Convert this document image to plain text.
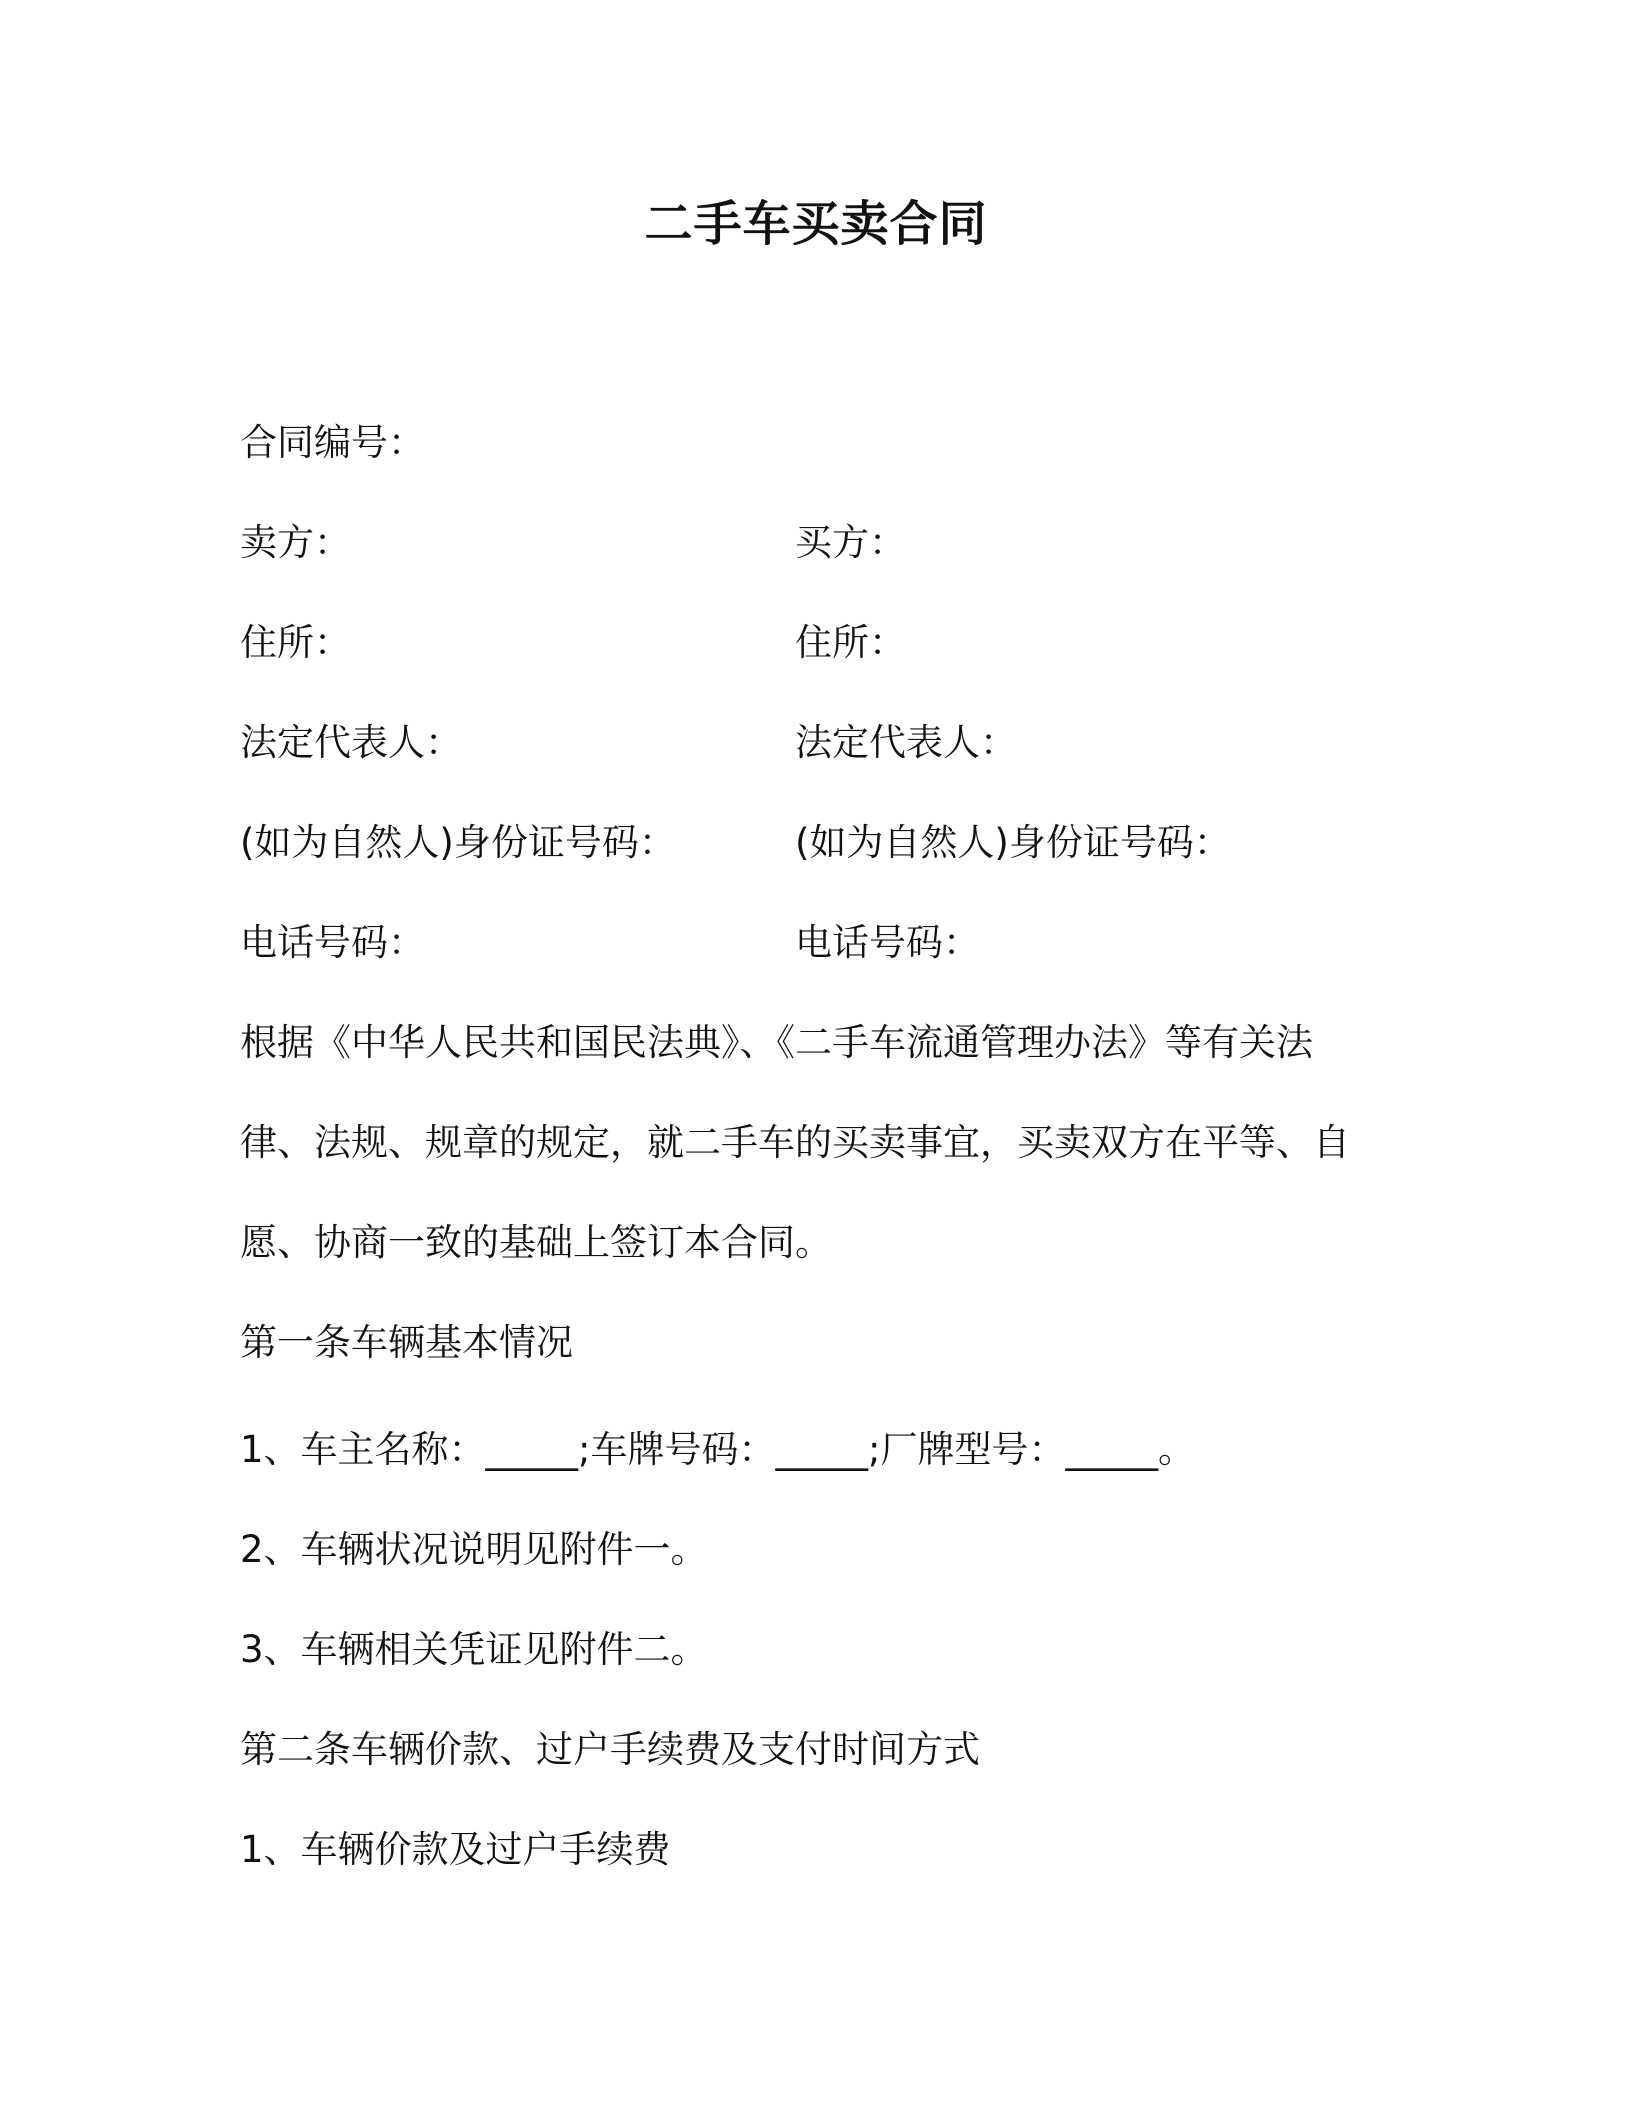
二手车买卖合同
合同编号：
卖方：	买方：
住所：	住所：
法定代表人：	法定代表人：
(如为自然人)身份证号码：	(如为自然人)身份证号码：
电话号码：	电话号码：
根据《中华人民共和国民法典》、《二手车流通管理办法》等有关法
律、法规、规章的规定，就二手车的买卖事宜，买卖双方在平等、自
愿、协商一致的基础上签订本合同。
第一条车辆基本情况
1、车主名称：_____;车牌号码：_____;厂牌型号：_____。
2、车辆状况说明见附件一。
3、车辆相关凭证见附件二。
第二条车辆价款、过户手续费及支付时间方式
1、车辆价款及过户手续费
